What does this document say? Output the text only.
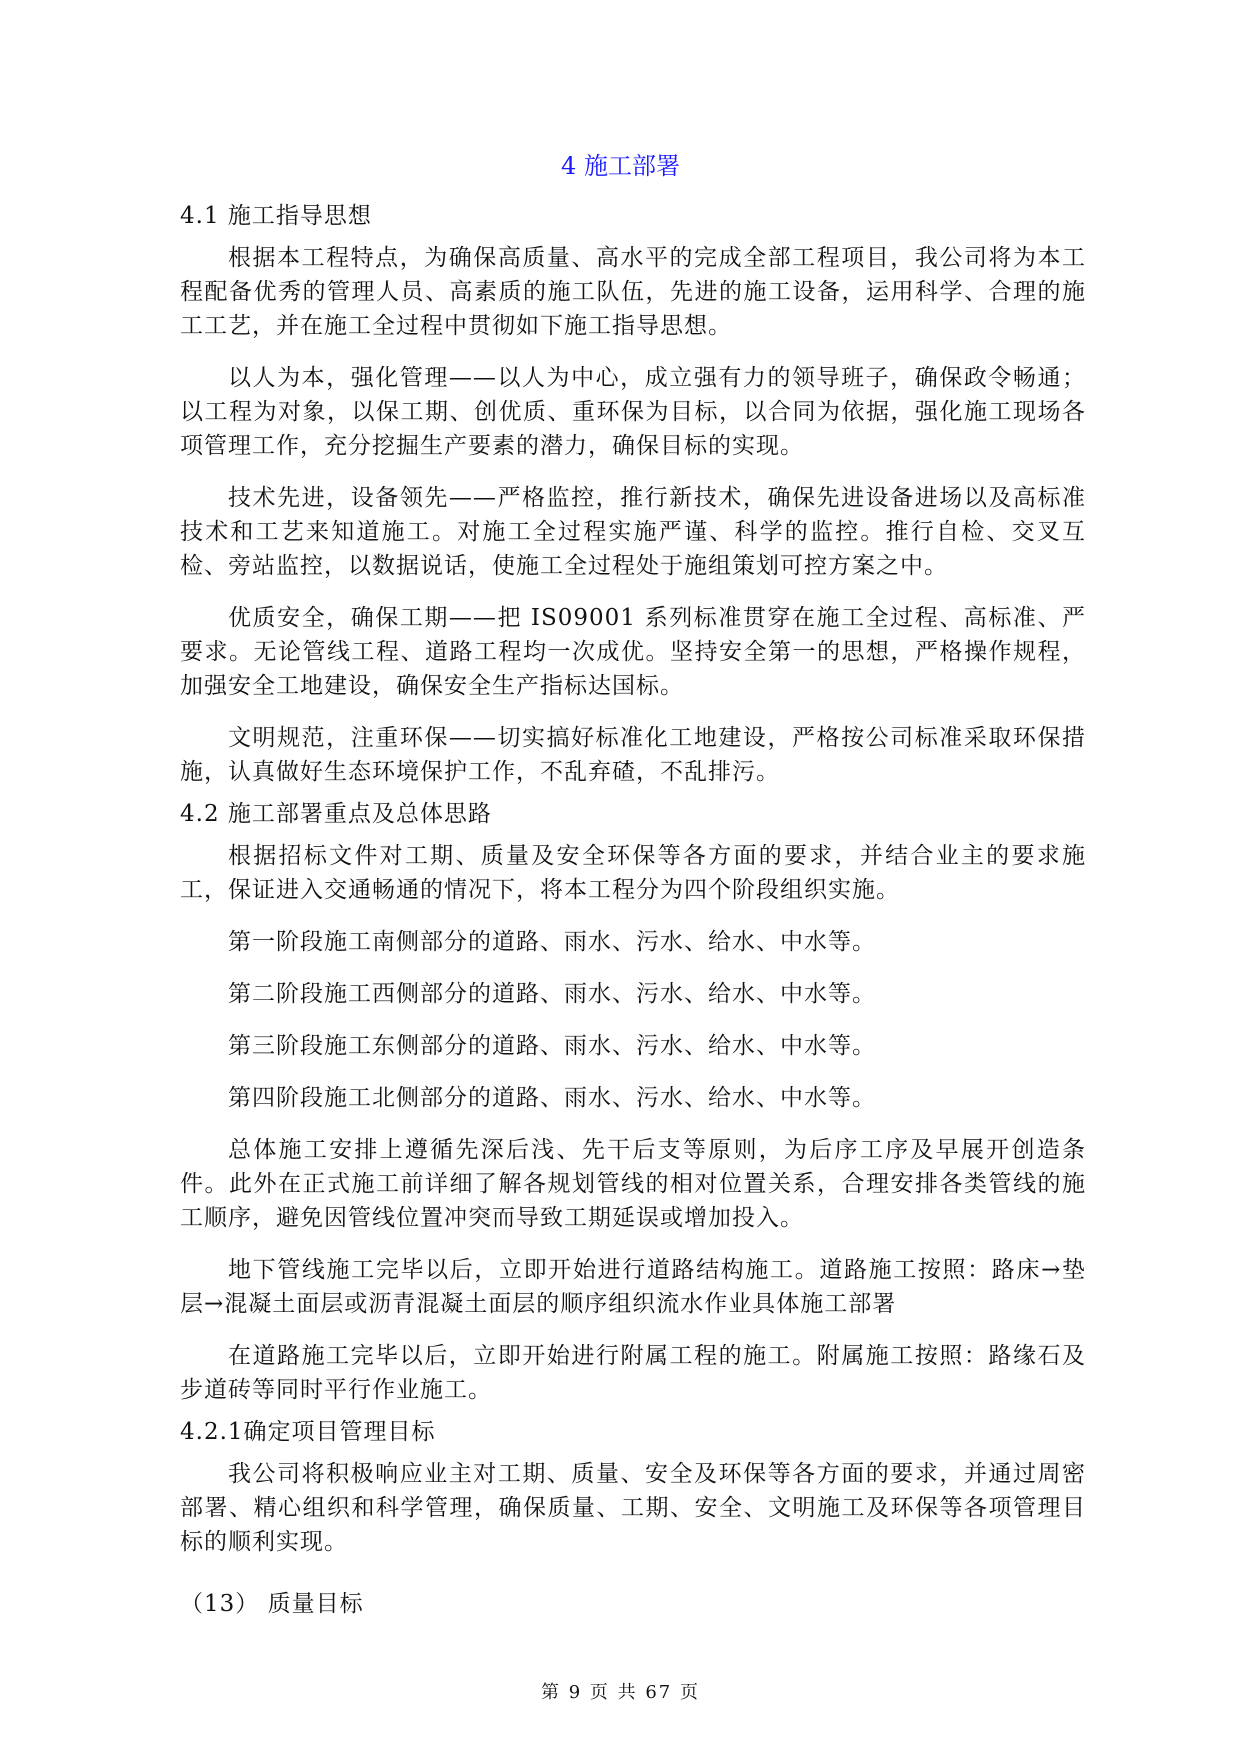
4 施工部署
4.1 施工指导思想

根据本工程特点，为确保高质量、高水平的完成全部工程项目，我公司将为本工程配备优秀的管理人员、高素质的施工队伍，先进的施工设备，运用科学、合理的施工工艺，并在施工全过程中贯彻如下施工指导思想。

以人为本，强化管理——以人为中心，成立强有力的领导班子，确保政令畅通；以工程为对象，以保工期、创优质、重环保为目标，以合同为依据，强化施工现场各项管理工作，充分挖掘生产要素的潜力，确保目标的实现。

技术先进，设备领先——严格监控，推行新技术，确保先进设备进场以及高标准技术和工艺来知道施工。对施工全过程实施严谨、科学的监控。推行自检、交叉互检、旁站监控，以数据说话，使施工全过程处于施组策划可控方案之中。

优质安全，确保工期——把 IS09001 系列标准贯穿在施工全过程、高标准、严要求。无论管线工程、道路工程均一次成优。坚持安全第一的思想，严格操作规程，加强安全工地建设，确保安全生产指标达国标。

文明规范，注重环保——切实搞好标准化工地建设，严格按公司标准采取环保措施，认真做好生态环境保护工作，不乱弃碴，不乱排污。

4.2 施工部署重点及总体思路

根据招标文件对工期、质量及安全环保等各方面的要求，并结合业主的要求施工，保证进入交通畅通的情况下，将本工程分为四个阶段组织实施。

第一阶段施工南侧部分的道路、雨水、污水、给水、中水等。

第二阶段施工西侧部分的道路、雨水、污水、给水、中水等。

第三阶段施工东侧部分的道路、雨水、污水、给水、中水等。

第四阶段施工北侧部分的道路、雨水、污水、给水、中水等。

总体施工安排上遵循先深后浅、先干后支等原则，为后序工序及早展开创造条件。此外在正式施工前详细了解各规划管线的相对位置关系，合理安排各类管线的施工顺序，避免因管线位置冲突而导致工期延误或增加投入。

地下管线施工完毕以后，立即开始进行道路结构施工。道路施工按照：路床→垫层→混凝土面层或沥青混凝土面层的顺序组织流水作业具体施工部署

在道路施工完毕以后，立即开始进行附属工程的施工。附属施工按照：路缘石及步道砖等同时平行作业施工。

4.2.1确定项目管理目标

我公司将积极响应业主对工期、质量、安全及环保等各方面的要求，并通过周密部署、精心组织和科学管理，确保质量、工期、安全、文明施工及环保等各项管理目标的顺利实现。

（13） 质量目标
第 9 页 共 67 页
